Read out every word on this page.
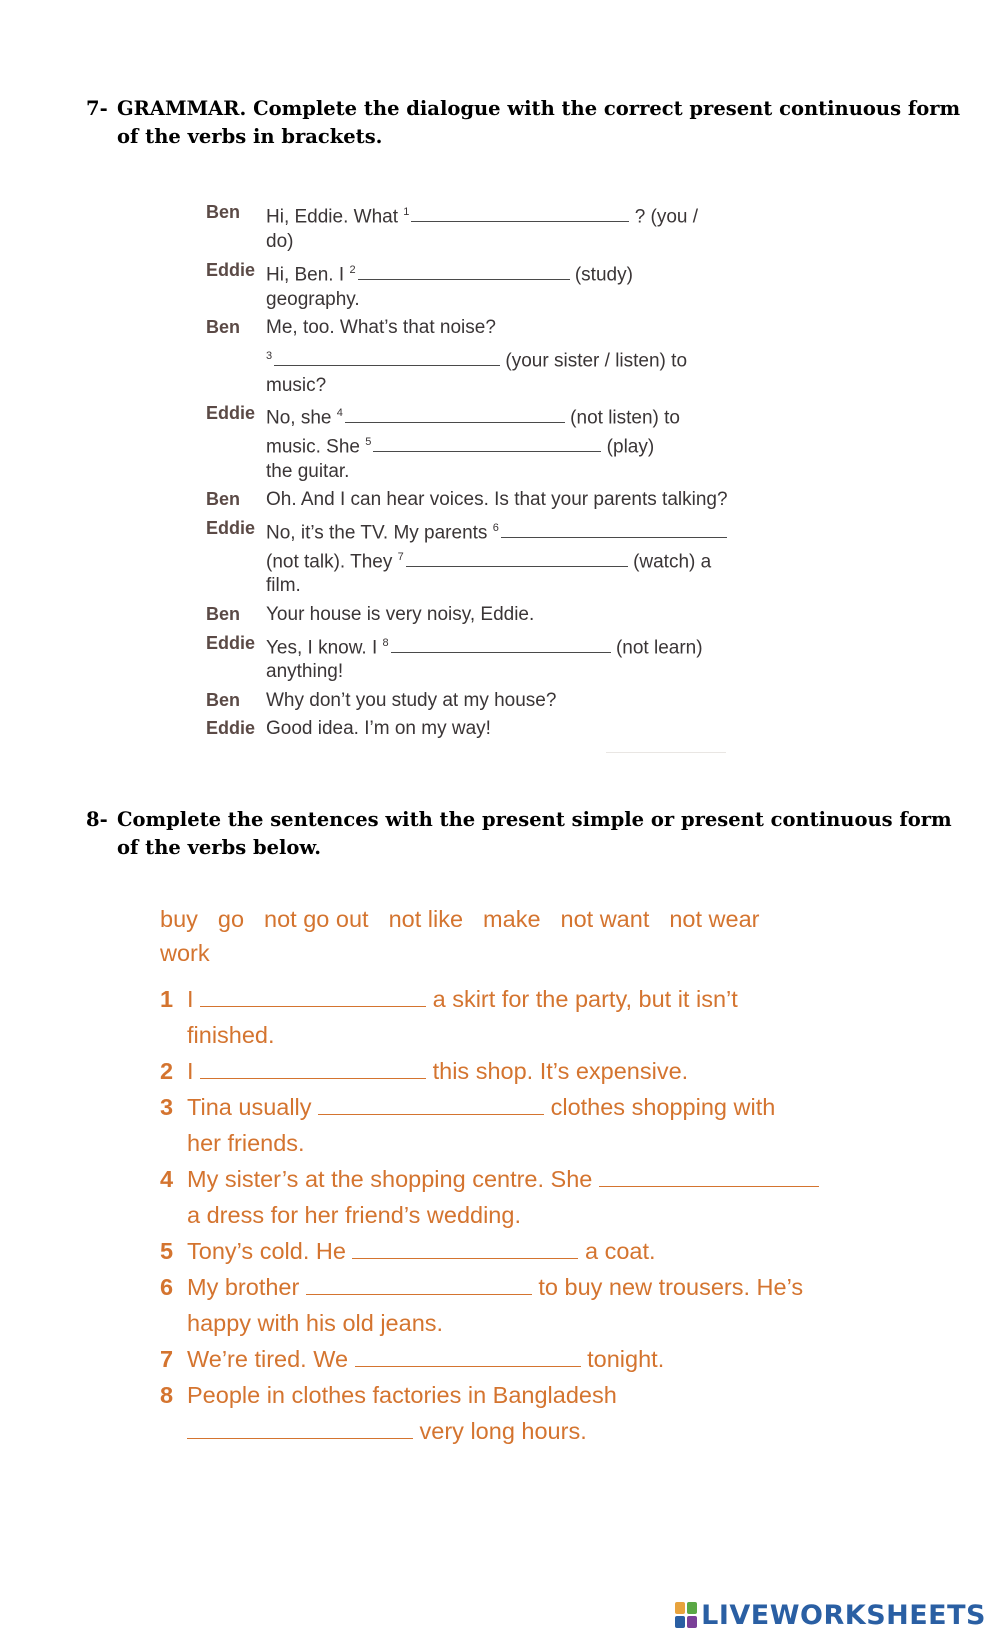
7- GRAMMAR. Complete the dialogue with the correct present continuous form of the verbs in brackets.
Ben Hi, Eddie. What $^1$	? (you /
do)
Eddie Hi, Ben. I $^2$	(study)
geography.
Ben Me, too. What’s that noise?
$^3$	(your sister / listen) to
music?
Eddie No, she $^4$	(not listen) to
music. She $^5$	(play)
the guitar.
Ben Oh. And I can hear voices. Is that your parents talking?
Eddie No, it’s the TV. My parents $^6$
(not talk). They $^7$	(watch) a
film.
Ben Your house is very noisy, Eddie.
Eddie Yes, I know. I $^8$	(not learn)
anything!
Ben Why don’t you study at my house?
Eddie Good idea. I’m on my way!
8- Complete the sentences with the present simple or present continuous form of the verbs below.
buy go not go out not like make not want not wearwork
1 I	a skirt for the party, but it isn’t
finished.
2 I	this shop. It’s expensive.
3 Tina usually	clothes shopping with
her friends.
4 My sister’s at the shopping centre. She
a dress for her friend’s wedding.
5 Tony’s cold. He	a coat.
6 My brother	to buy new trousers. He’s
happy with his old jeans.
7 We’re tired. We	tonight.
8 People in clothes factories in Bangladesh
very long hours.
LIVEWORKSHEETS
